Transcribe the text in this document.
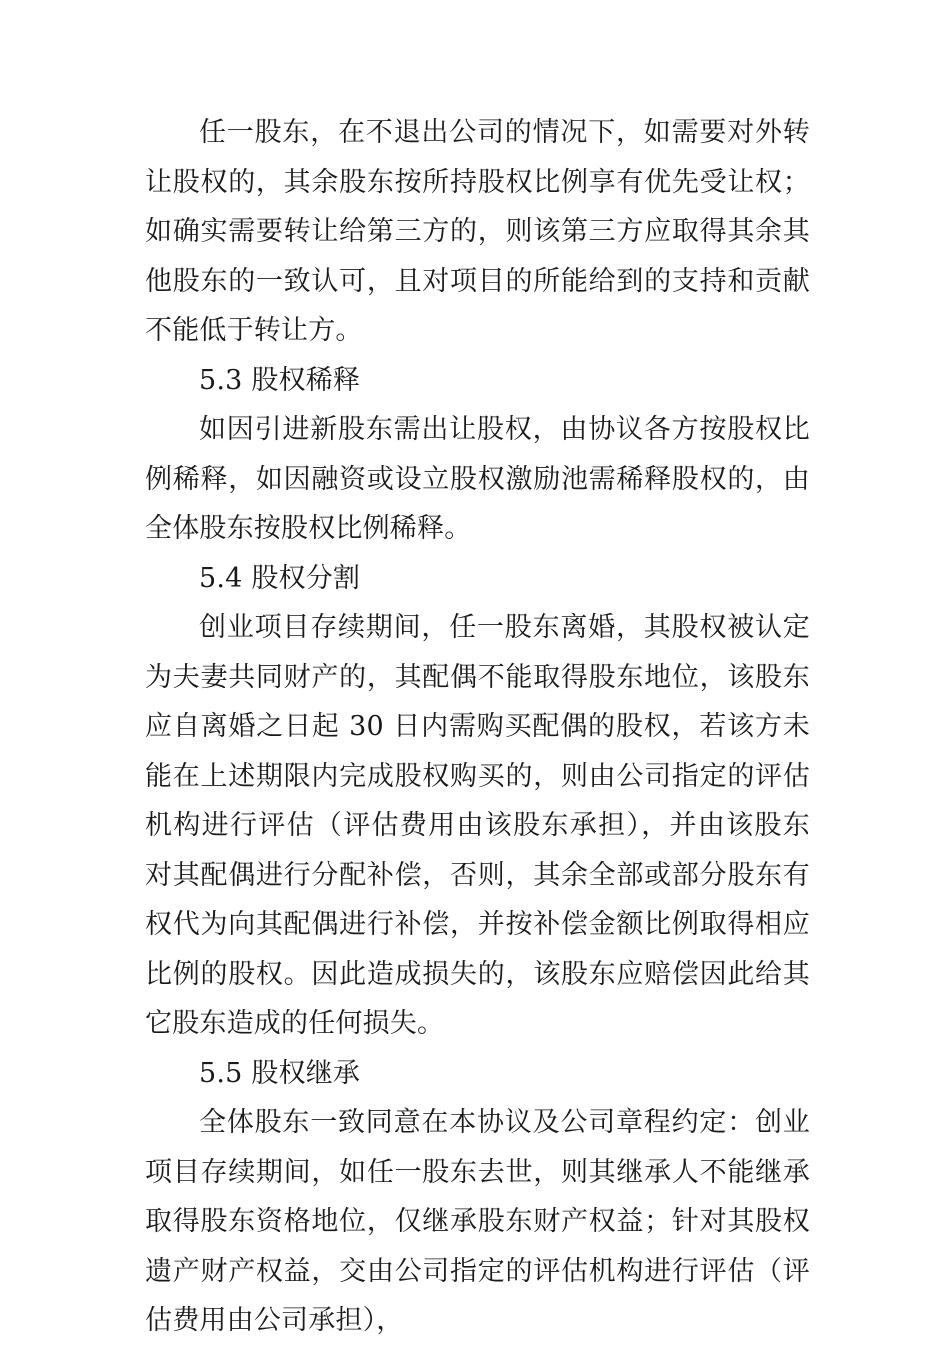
任一股东，在不退出公司的情况下，如需要对外转让股权的，其余股东按所持股权比例享有优先受让权；如确实需要转让给第三方的，则该第三方应取得其余其他股东的一致认可，且对项目的所能给到的支持和贡献不能低于转让方。

5.3 股权稀释

如因引进新股东需出让股权，由协议各方按股权比例稀释，如因融资或设立股权激励池需稀释股权的，由全体股东按股权比例稀释。

5.4 股权分割

创业项目存续期间，任一股东离婚，其股权被认定为夫妻共同财产的，其配偶不能取得股东地位，该股东应自离婚之日起 30 日内需购买配偶的股权，若该方未能在上述期限内完成股权购买的，则由公司指定的评估机构进行评估（评估费用由该股东承担），并由该股东对其配偶进行分配补偿，否则，其余全部或部分股东有权代为向其配偶进行补偿，并按补偿金额比例取得相应比例的股权。因此造成损失的，该股东应赔偿因此给其它股东造成的任何损失。

5.5 股权继承

全体股东一致同意在本协议及公司章程约定：创业项目存续期间，如任一股东去世，则其继承人不能继承取得股东资格地位，仅继承股东财产权益；针对其股权遗产财产权益，交由公司指定的评估机构进行评估（评估费用由公司承担），
